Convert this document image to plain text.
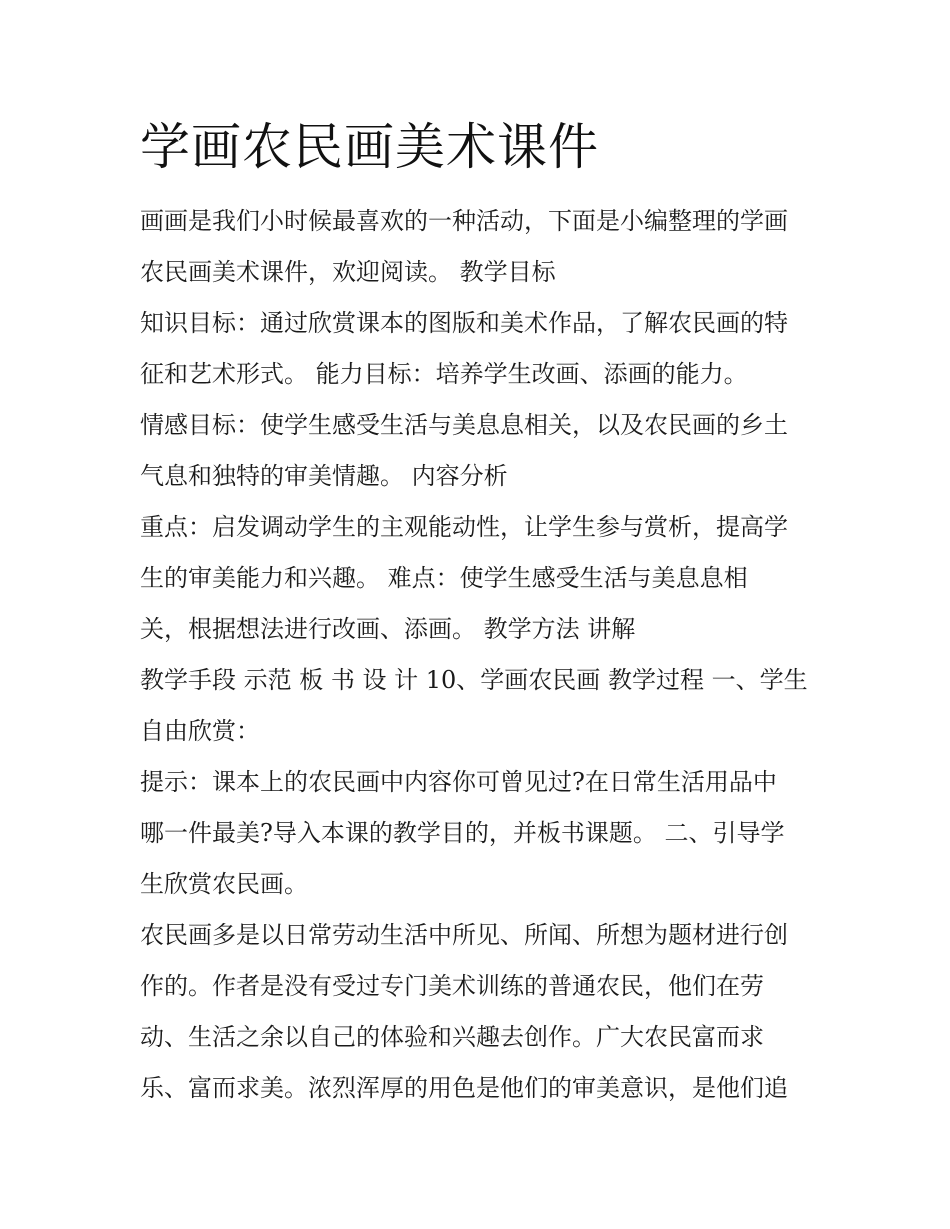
学画农民画美术课件
画画是我们小时候最喜欢的一种活动，下面是小编整理的学画
农民画美术课件，欢迎阅读。 教学目标
知识目标：通过欣赏课本的图版和美术作品，了解农民画的特
征和艺术形式。 能力目标：培养学生改画、添画的能力。
情感目标：使学生感受生活与美息息相关，以及农民画的乡土
气息和独特的审美情趣。 内容分析
重点：启发调动学生的主观能动性，让学生参与赏析，提高学
生的审美能力和兴趣。 难点：使学生感受生活与美息息相
关，根据想法进行改画、添画。 教学方法 讲解
教学手段 示范 板 书 设 计 10、学画农民画 教学过程 一、学生
自由欣赏：
提示：课本上的农民画中内容你可曾见过?在日常生活用品中
哪一件最美?导入本课的教学目的，并板书课题。 二、引导学
生欣赏农民画。
农民画多是以日常劳动生活中所见、所闻、所想为题材进行创
作的。作者是没有受过专门美术训练的普通农民，他们在劳
动、生活之余以自己的体验和兴趣去创作。广大农民富而求
乐、富而求美。浓烈浑厚的用色是他们的审美意识，是他们追
